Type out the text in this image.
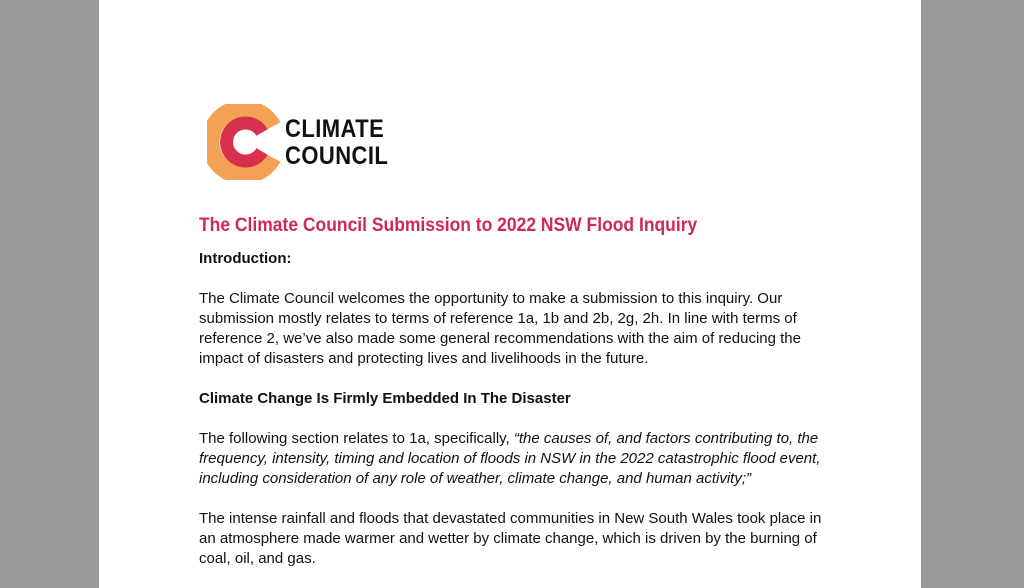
CLIMATE
COUNCIL
The Climate Council Submission to 2022 NSW Flood Inquiry

Introduction:

The Climate Council welcomes the opportunity to make a submission to this inquiry. Our submission mostly relates to terms of reference 1a, 1b and 2b, 2g, 2h. In line with terms of reference 2, we’ve also made some general recommendations with the aim of reducing the impact of disasters and protecting lives and livelihoods in the future.

Climate Change Is Firmly Embedded In The Disaster

The following section relates to 1a, specifically, “the causes of, and factors contributing to, the frequency, intensity, timing and location of floods in NSW in the 2022 catastrophic flood event, including consideration of any role of weather, climate change, and human activity;”

The intense rainfall and floods that devastated communities in New South Wales took place in an atmosphere made warmer and wetter by climate change, which is driven by the burning of coal, oil, and gas.
